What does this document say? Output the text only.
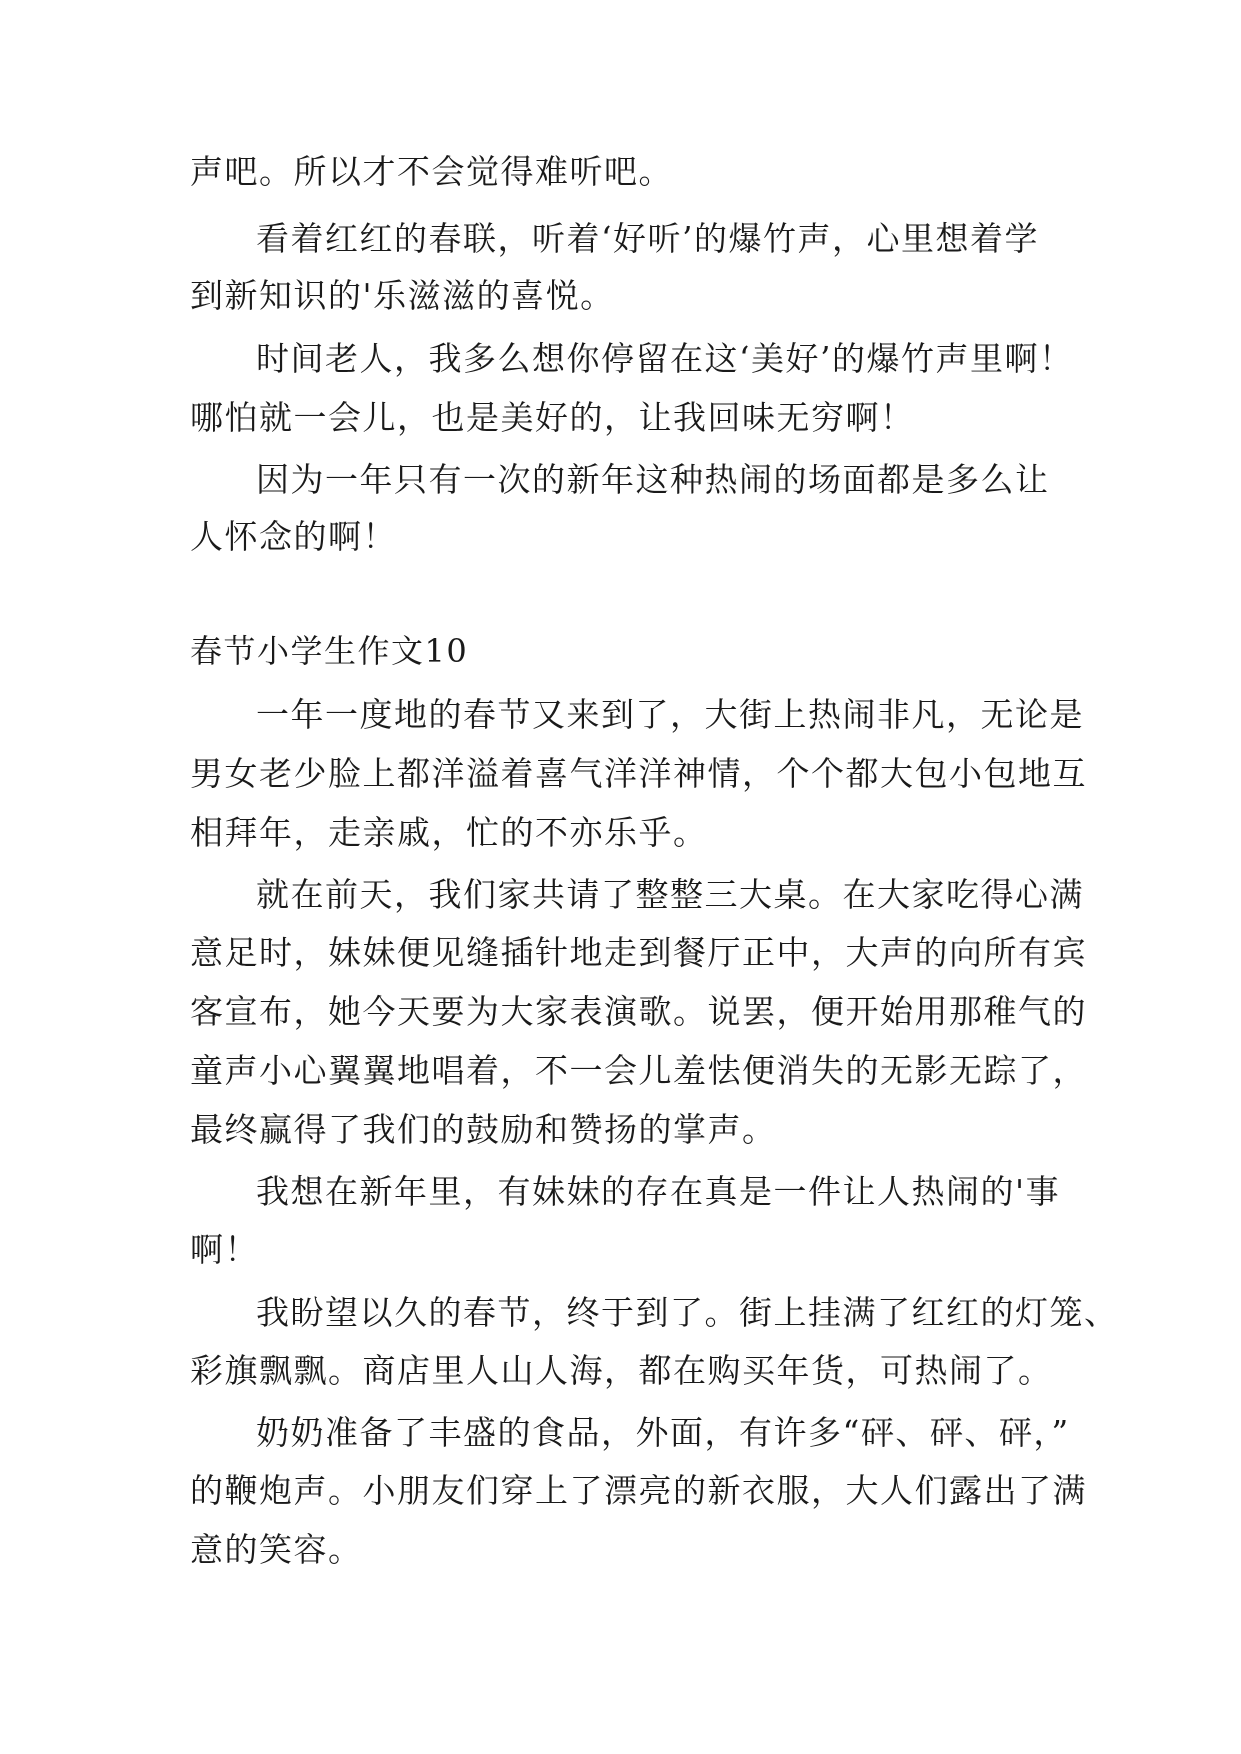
声吧。所以才不会觉得难听吧。
看着红红的春联，听着‘好听’的爆竹声，心里想着学
到新知识的'乐滋滋的喜悦。
时间老人，我多么想你停留在这‘美好’的爆竹声里啊！
哪怕就一会儿，也是美好的，让我回味无穷啊！
因为一年只有一次的新年这种热闹的场面都是多么让
人怀念的啊！
春节小学生作文10
一年一度地的春节又来到了，大街上热闹非凡，无论是
男女老少脸上都洋溢着喜气洋洋神情，个个都大包小包地互
相拜年，走亲戚，忙的不亦乐乎。
就在前天，我们家共请了整整三大桌。在大家吃得心满
意足时，妹妹便见缝插针地走到餐厅正中，大声的向所有宾
客宣布，她今天要为大家表演歌。说罢，便开始用那稚气的
童声小心翼翼地唱着，不一会儿羞怯便消失的无影无踪了，
最终赢得了我们的鼓励和赞扬的掌声。
我想在新年里，有妹妹的存在真是一件让人热闹的'事
啊！
我盼望以久的春节，终于到了。街上挂满了红红的灯笼、
彩旗飘飘。商店里人山人海，都在购买年货，可热闹了。
奶奶准备了丰盛的食品，外面，有许多“砰、砰、砰，”
的鞭炮声。小朋友们穿上了漂亮的新衣服，大人们露出了满
意的笑容。
